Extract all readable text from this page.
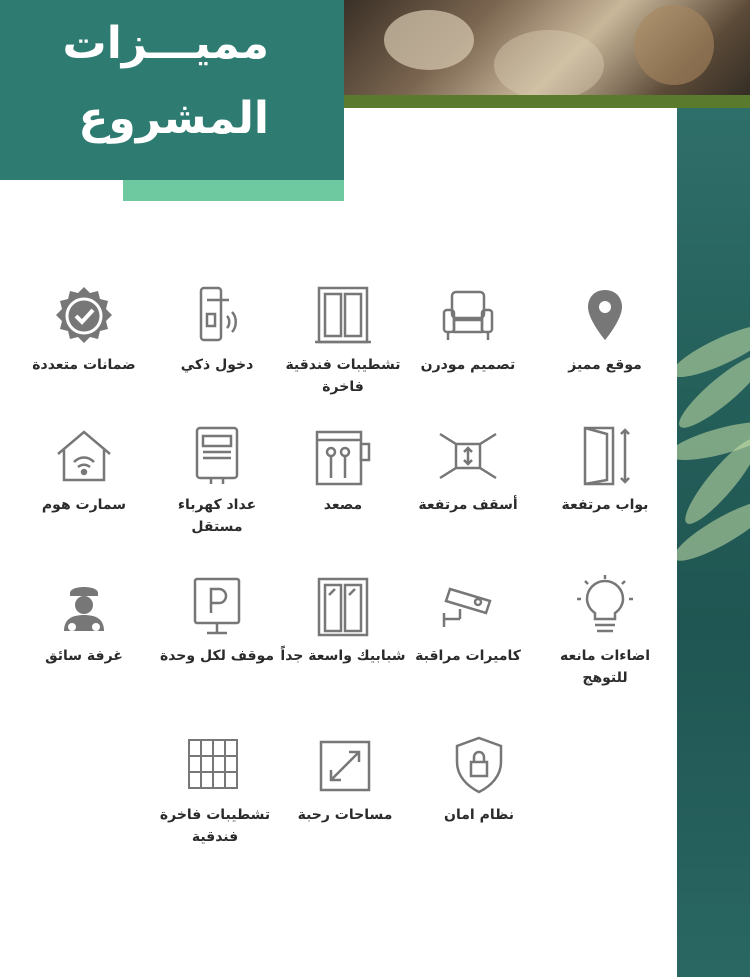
مميـــزات
المشروع
موقع مميز
تصميم مودرن
تشطيبات فندقية فاخرة
دخول ذكي
ضمانات متعددة
بواب مرتفعة
أسقف مرتفعة
مصعد
عداد كهرباء مستقل
سمارت هوم
اضاءات مانعه للتوهج
كاميرات مراقبة
شبابيك واسعة جداً
موقف لكل وحدة
غرفة سائق
نظام امان
مساحات رحبة
تشطيبات فاخرة فندقية
